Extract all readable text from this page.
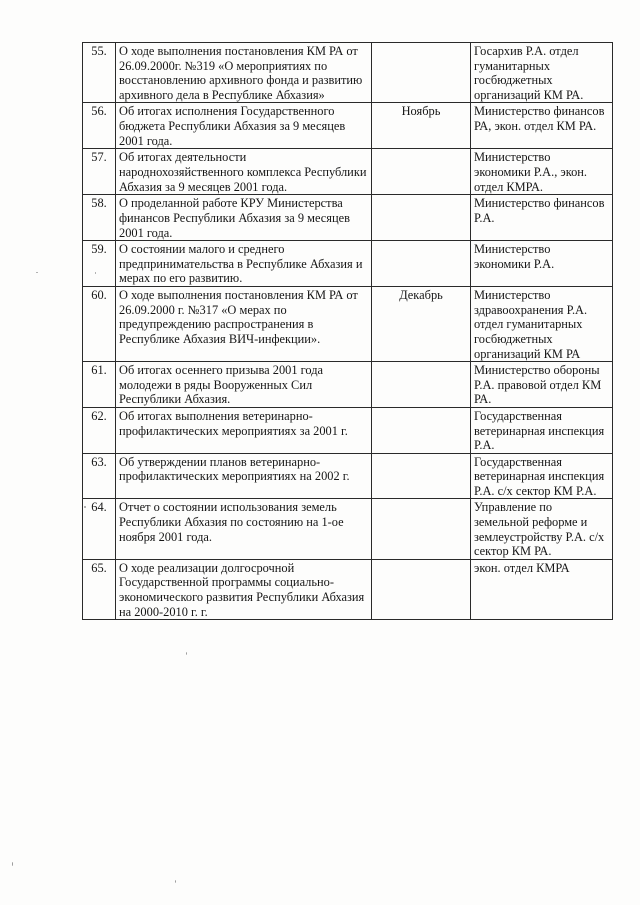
55.	О ходе выполнения постановления КМ РА от 26.09.2000г. №319 «О мероприятиях по восстановлению архивного фонда и развитию архивного дела в Республике Абхазия»		Госархив Р.А. отдел гуманитарных госбюджетных организаций КМ РА.
56.	Об итогах исполнения Государственного бюджета Республики Абхазия за 9 месяцев 2001 года.	Ноябрь	Министерство финансов РА, экон. отдел КМ РА.
57.	Об итогах деятельности народнохозяйственного комплекса Республики Абхазия за 9 месяцев 2001 года.		Министерство экономики Р.А., экон. отдел КМРА.
58.	О проделанной работе КРУ Министерства финансов Республики Абхазия за 9 месяцев 2001 года.		Министерство финансов Р.А.
59.	О состоянии малого и среднего предпринимательства в Республике Абхазия и мерах по его развитию.		Министерство экономики Р.А.
60.	О ходе выполнения постановления КМ РА от 26.09.2000 г. №317 «О мерах по предупреждению распространения в Республике Абхазия ВИЧ-инфекции».	Декабрь	Министерство здравоохранения Р.А. отдел гуманитарных госбюджетных организаций КМ РА
61.	Об итогах осеннего призыва 2001 года молодежи в ряды Вооруженных Сил Республики Абхазия.		Министерство обороны Р.А. правовой отдел КМ РА.
62.	Об итогах выполнения ветеринарно-профилактических мероприятиях за 2001 г.		Государственная ветеринарная инспекция Р.А.
63.	Об утверждении планов ветеринарно-профилактических мероприятиях на 2002 г.		Государственная ветеринарная инспекция Р.А. с/х сектор КМ Р.А.
64.	Отчет о состоянии использования земель Республики Абхазия по состоянию на 1-ое ноября 2001 года.		Управление по земельной реформе и землеустройству Р.А. с/х сектор КМ РА.
65.	О ходе реализации долгосрочной Государственной программы социально-экономического развития Республики Абхазия на 2000-2010 г. г.		экон. отдел КМРА
